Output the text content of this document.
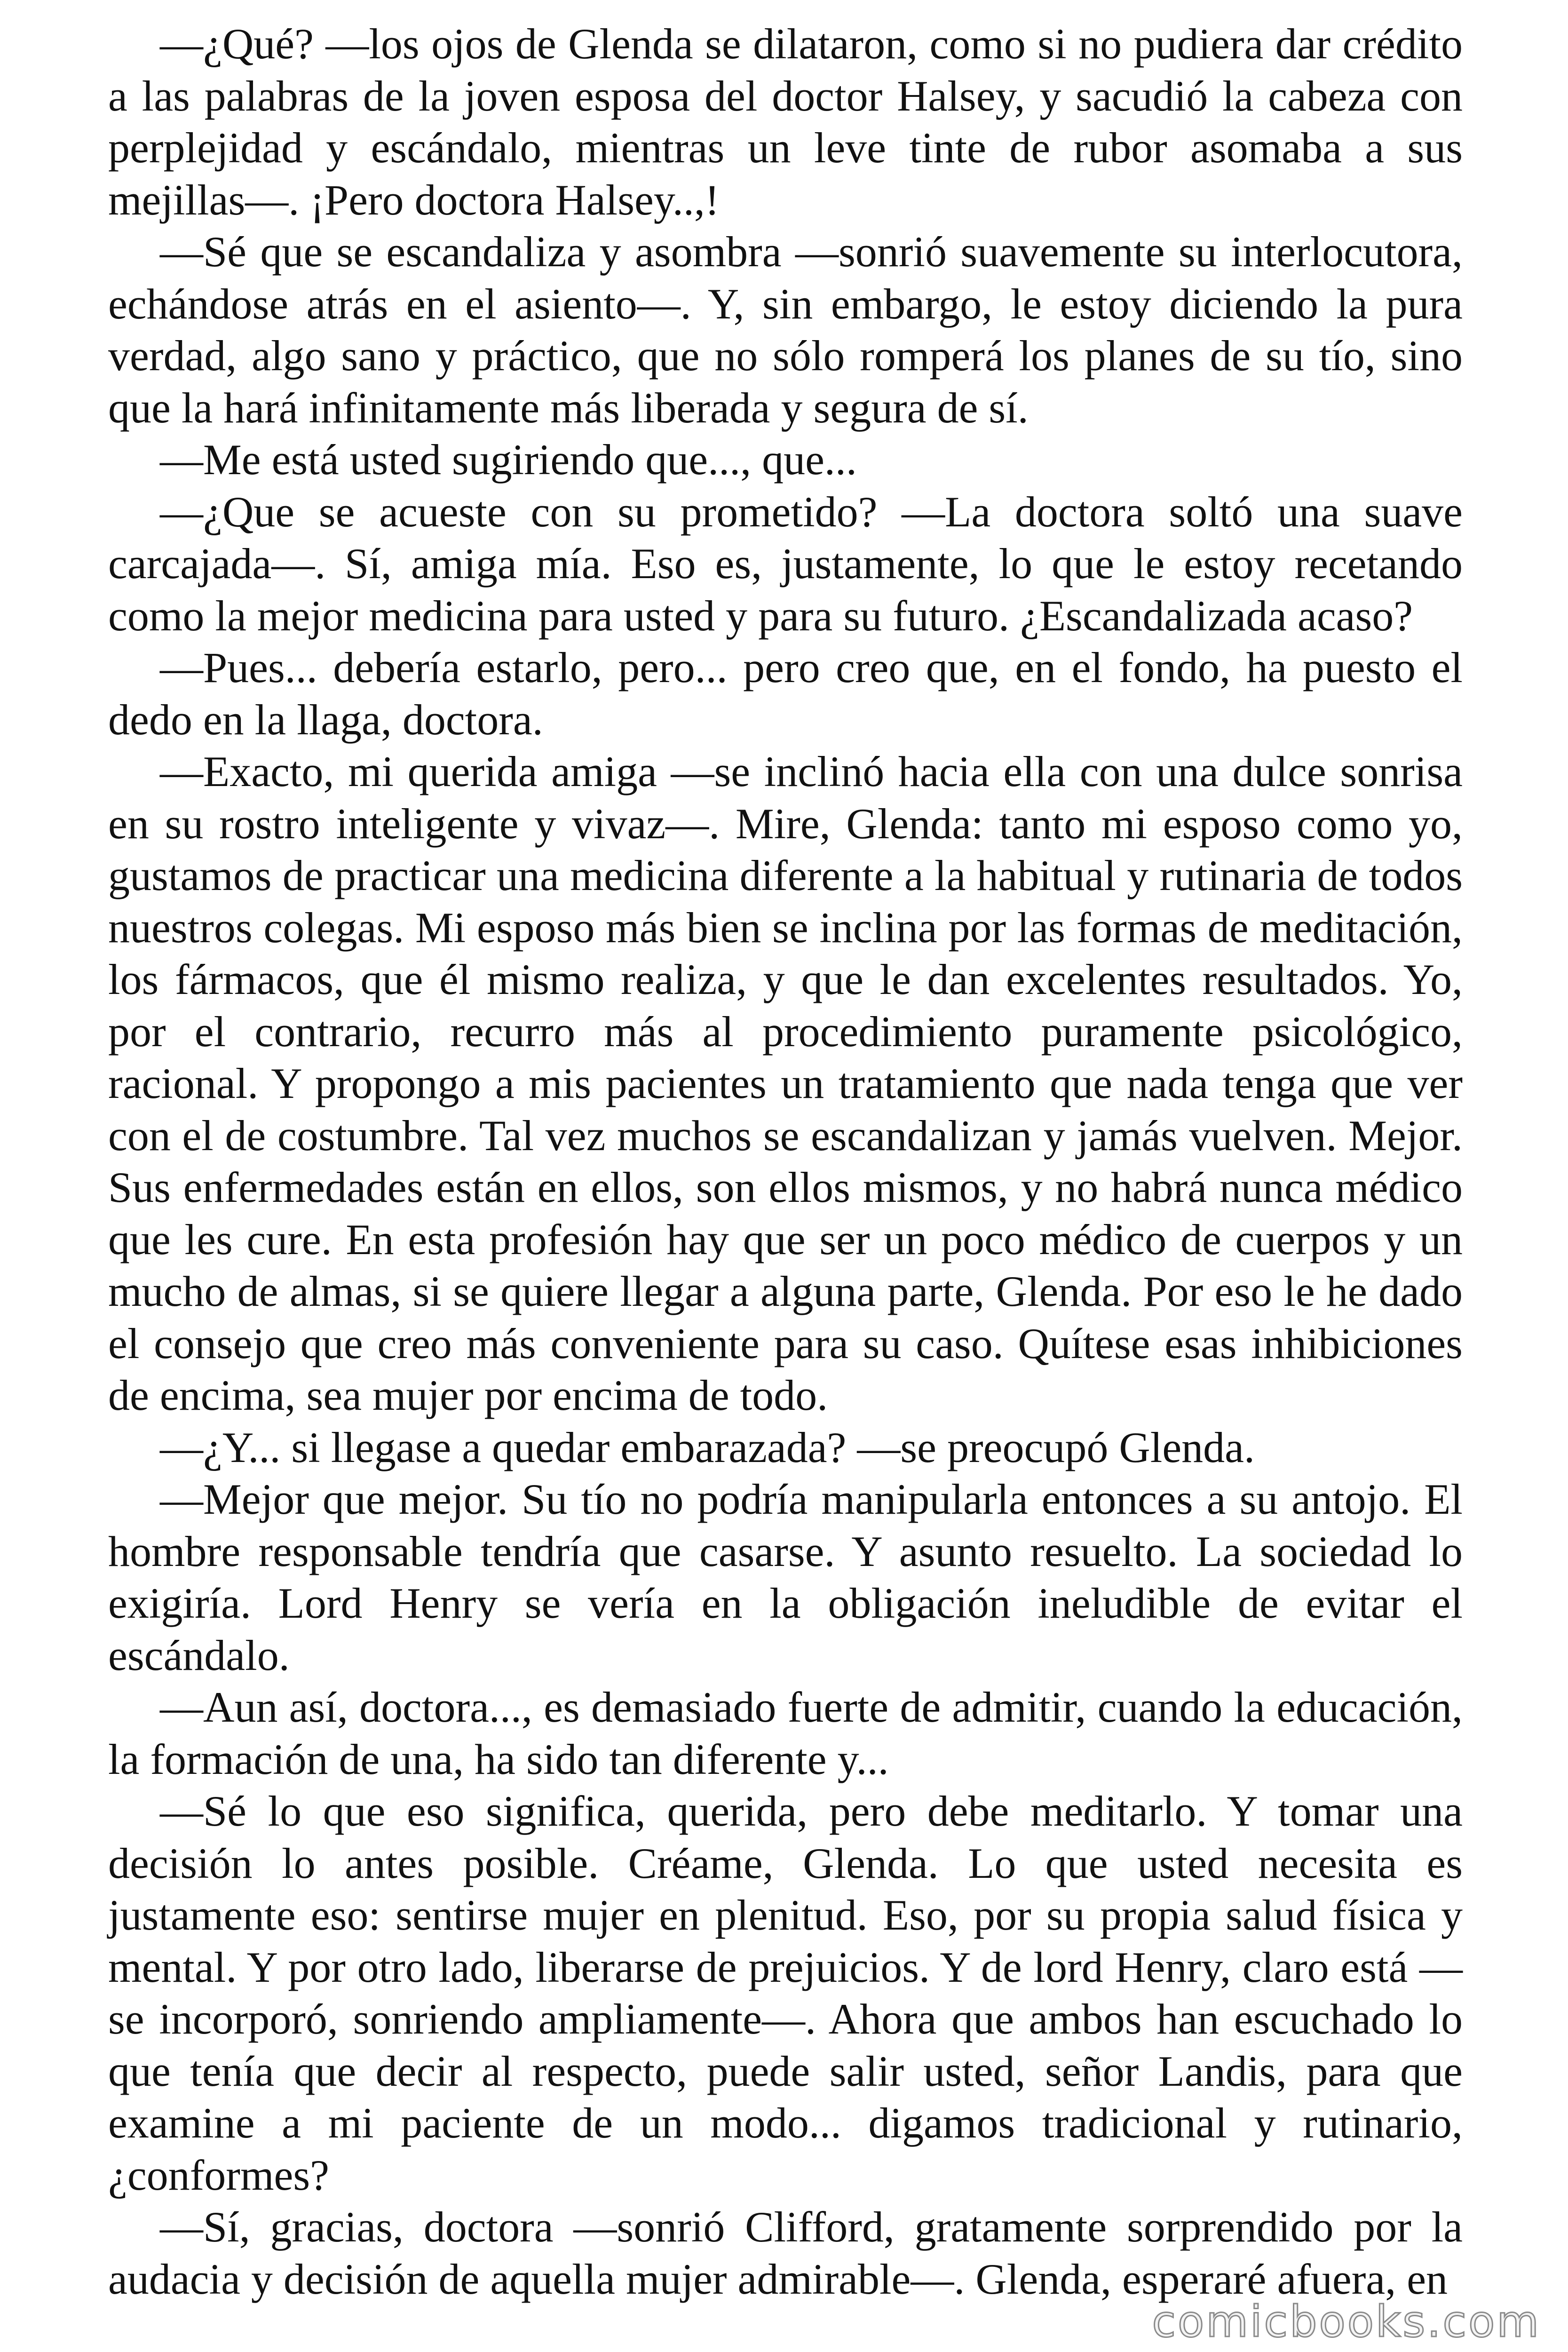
—¿Qué? —los ojos de Glenda se dilataron, como si no pudiera dar crédito a las palabras de la joven esposa del doctor Halsey, y sacudió la cabeza con perplejidad y escándalo, mientras un leve tinte de rubor asomaba a sus mejillas—. ¡Pero doctora Halsey..,!

—Sé que se escandaliza y asombra —sonrió suavemente su interlocutora, echándose atrás en el asiento—. Y, sin embargo, le estoy diciendo la pura verdad, algo sano y práctico, que no sólo romperá los planes de su tío, sino que la hará infinitamente más liberada y segura de sí.

—Me está usted sugiriendo que..., que...

—¿Que se acueste con su prometido? —La doctora soltó una suave carcajada—. Sí, amiga mía. Eso es, justamente, lo que le estoy recetando como la mejor medicina para usted y para su futuro. ¿Escandalizada acaso?

—Pues... debería estarlo, pero... pero creo que, en el fondo, ha puesto el dedo en la llaga, doctora.

—Exacto, mi querida amiga —se inclinó hacia ella con una dulce sonrisa en su rostro inteligente y vivaz—. Mire, Glenda: tanto mi esposo como yo, gustamos de practicar una medicina diferente a la habitual y rutinaria de todos nuestros colegas. Mi esposo más bien se inclina por las formas de meditación, los fármacos, que él mismo realiza, y que le dan excelentes resultados. Yo, por el contrario, recurro más al procedimiento puramente psicológico, racional. Y propongo a mis pacientes un tratamiento que nada tenga que ver con el de costumbre. Tal vez muchos se escandalizan y jamás vuelven. Mejor. Sus enfermedades están en ellos, son ellos mismos, y no habrá nunca médico que les cure. En esta profesión hay que ser un poco médico de cuerpos y un mucho de almas, si se quiere llegar a alguna parte, Glenda. Por eso le he dado el consejo que creo más conveniente para su caso. Quítese esas inhibiciones de encima, sea mujer por encima de todo.

—¿Y... si llegase a quedar embarazada? —se preocupó Glenda.

—Mejor que mejor. Su tío no podría manipularla entonces a su antojo. El hombre responsable tendría que casarse. Y asunto resuelto. La sociedad lo exigiría. Lord Henry se vería en la obligación ineludible de evitar el escándalo.

—Aun así, doctora..., es demasiado fuerte de admitir, cuando la educación, la formación de una, ha sido tan diferente y...

—Sé lo que eso significa, querida, pero debe meditarlo. Y tomar una decisión lo antes posible. Créame, Glenda. Lo que usted necesita es justamente eso: sentirse mujer en plenitud. Eso, por su propia salud física y mental. Y por otro lado, liberarse de prejuicios. Y de lord Henry, claro está —se incorporó, sonriendo ampliamente—. Ahora que ambos han escuchado lo que tenía que decir al respecto, puede salir usted, señor Landis, para que examine a mi paciente de un modo... digamos tradicional y rutinario, ¿conformes?

—Sí, gracias, doctora —sonrió Clifford, gratamente sorprendido por la audacia y decisión de aquella mujer admirable—. Glenda, esperaré afuera, en

comicbooks.com
